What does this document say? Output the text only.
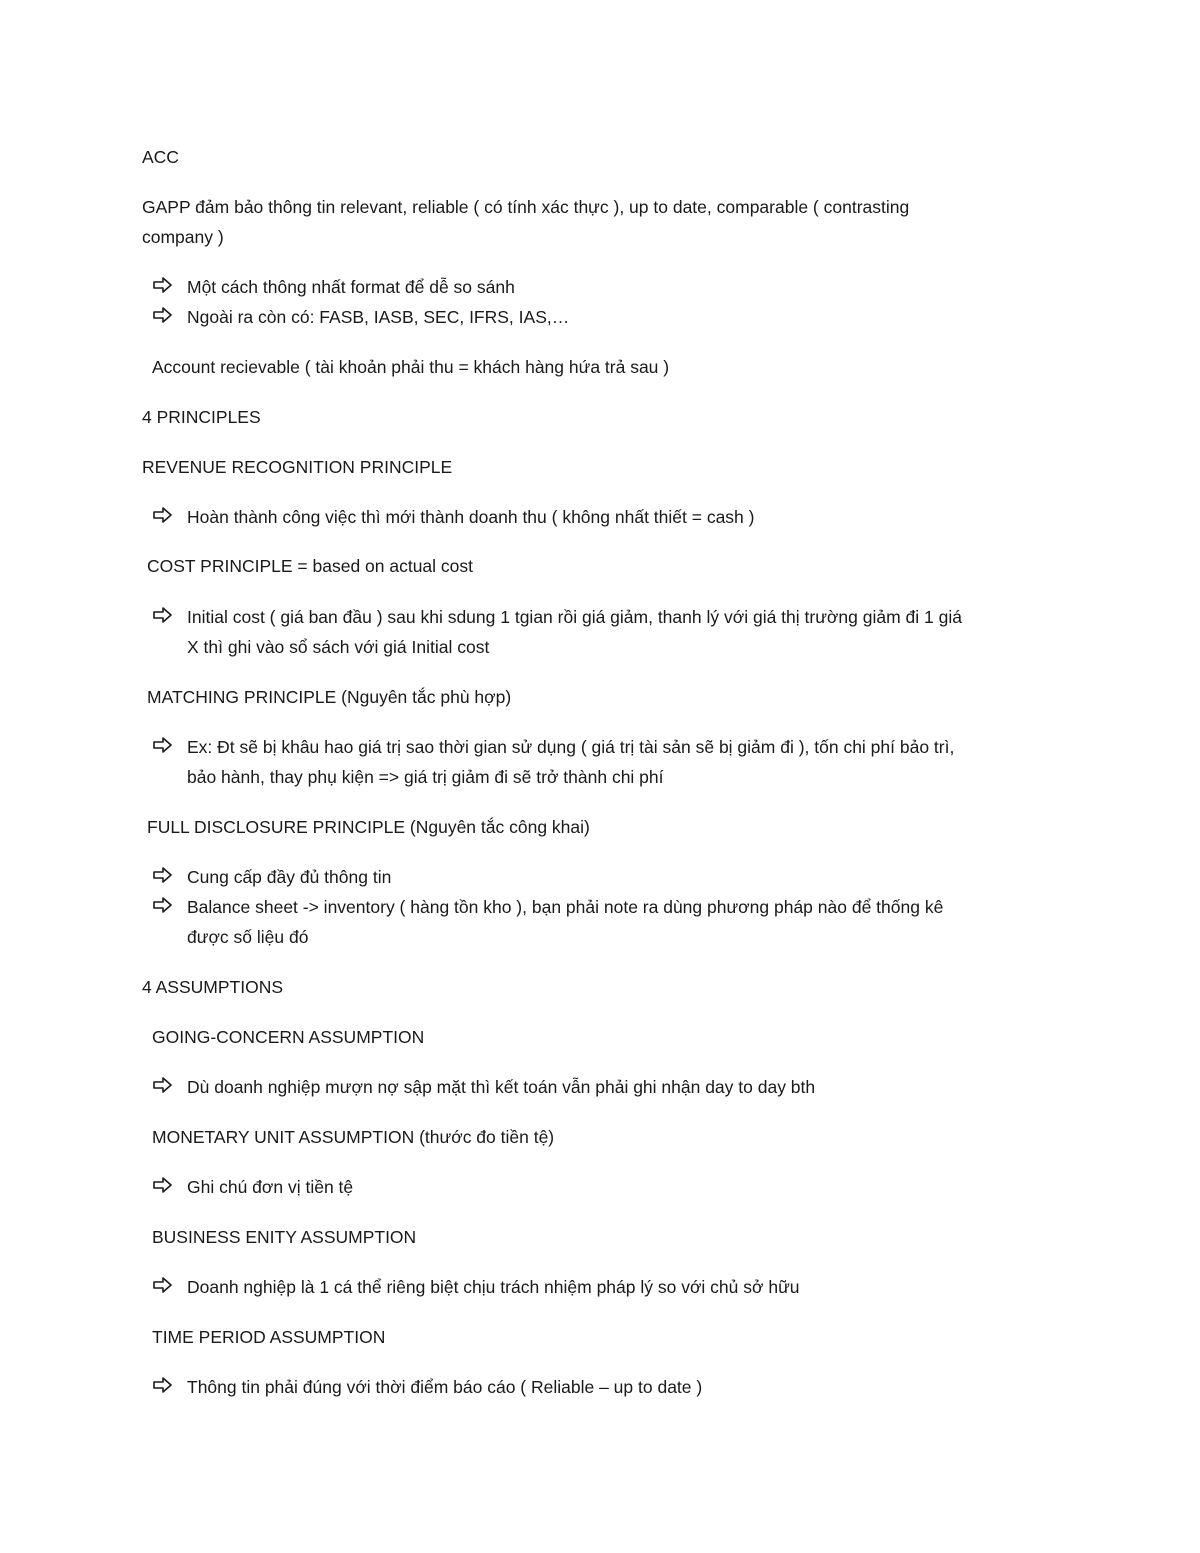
ACC
GAPP đảm bảo thông tin relevant, reliable ( có tính xác thực ), up to date, comparable ( contrasting
company )
Một cách thông nhất format để dễ so sánh
Ngoài ra còn có: FASB, IASB, SEC, IFRS, IAS,…
Account recievable ( tài khoản phải thu = khách hàng hứa trả sau )
4 PRINCIPLES
REVENUE RECOGNITION PRINCIPLE
Hoàn thành công việc thì mới thành doanh thu ( không nhất thiết = cash )
COST PRINCIPLE = based on actual cost
Initial cost ( giá ban đầu ) sau khi sdung 1 tgian rồi giá giảm, thanh lý với giá thị trường giảm đi 1 giá
X thì ghi vào sổ sách với giá Initial cost
MATCHING PRINCIPLE (Nguyên tắc phù hợp)
Ex: Đt sẽ bị khâu hao giá trị sao thời gian sử dụng ( giá trị tài sản sẽ bị giảm đi ), tốn chi phí bảo trì,
bảo hành, thay phụ kiện => giá trị giảm đi sẽ trở thành chi phí
FULL DISCLOSURE PRINCIPLE (Nguyên tắc công khai)
Cung cấp đầy đủ thông tin
Balance sheet -> inventory ( hàng tồn kho ), bạn phải note ra dùng phương pháp nào để thống kê
được số liệu đó
4 ASSUMPTIONS
GOING-CONCERN ASSUMPTION
Dù doanh nghiệp mượn nợ sập mặt thì kết toán vẫn phải ghi nhận day to day bth
MONETARY UNIT ASSUMPTION (thước đo tiền tệ)
Ghi chú đơn vị tiền tệ
BUSINESS ENITY ASSUMPTION
Doanh nghiệp là 1 cá thể riêng biệt chịu trách nhiệm pháp lý so với chủ sở hữu
TIME PERIOD ASSUMPTION
Thông tin phải đúng với thời điểm báo cáo ( Reliable – up to date )
